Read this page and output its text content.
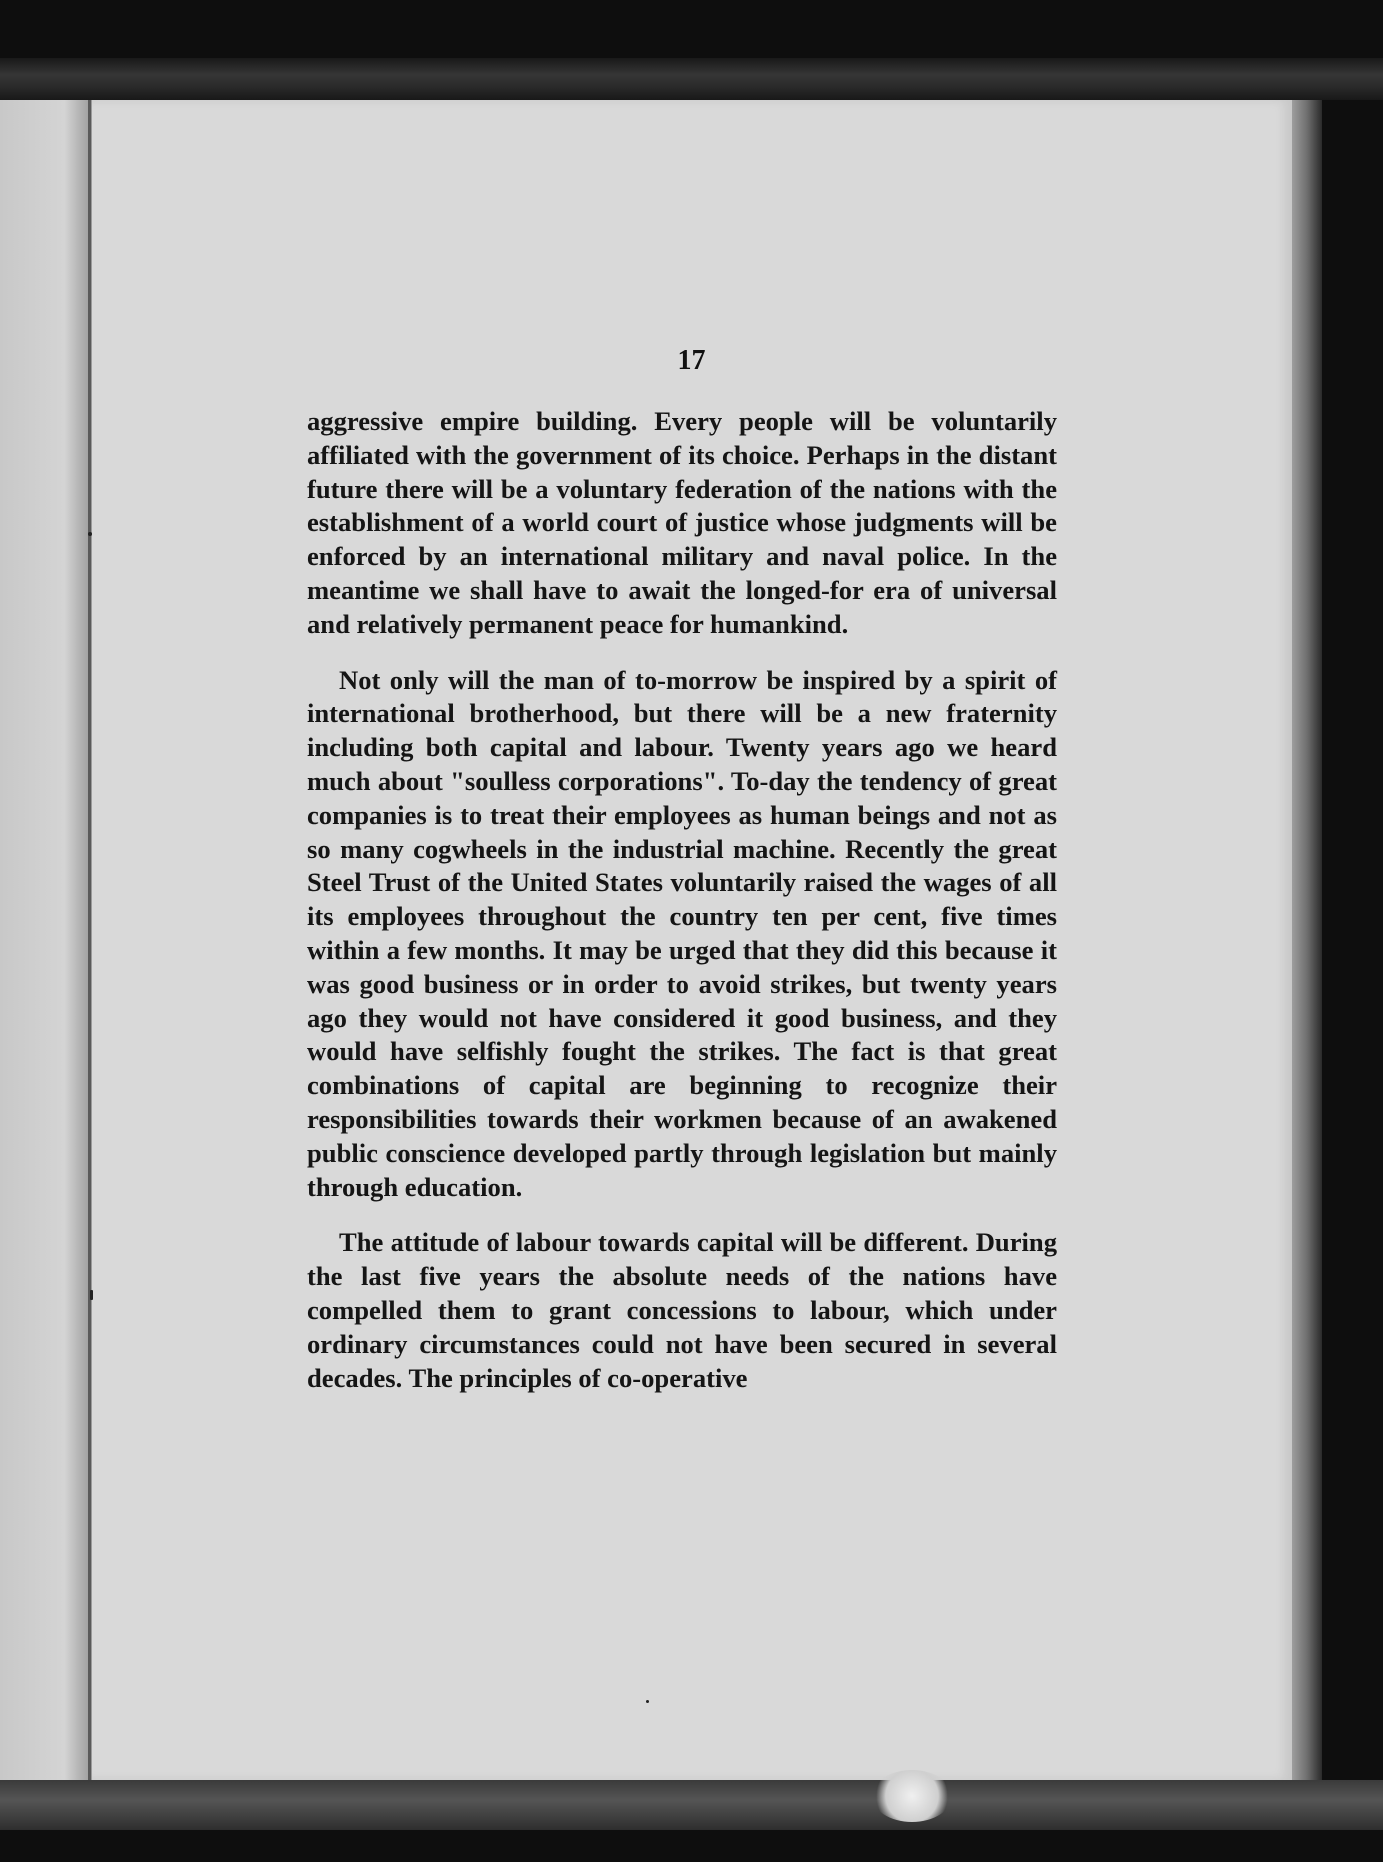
17

aggressive empire building. Every people will be voluntarily affiliated with the government of its choice. Perhaps in the distant future there will be a voluntary federation of the nations with the establishment of a world court of justice whose judgments will be enforced by an international military and naval police. In the meantime we shall have to await the longed-for era of universal and relatively permanent peace for humankind.

Not only will the man of to-morrow be inspired by a spirit of international brotherhood, but there will be a new fraternity including both capital and labour. Twenty years ago we heard much about "soulless corporations". To-day the tendency of great companies is to treat their employees as human beings and not as so many cogwheels in the industrial machine. Recently the great Steel Trust of the United States voluntarily raised the wages of all its employees throughout the country ten per cent, five times within a few months. It may be urged that they did this because it was good business or in order to avoid strikes, but twenty years ago they would not have considered it good business, and they would have selfishly fought the strikes. The fact is that great combinations of capital are beginning to recognize their responsibilities towards their workmen because of an awakened public conscience developed partly through legislation but mainly through education.

The attitude of labour towards capital will be different. During the last five years the absolute needs of the nations have compelled them to grant concessions to labour, which under ordinary circumstances could not have been secured in several decades. The principles of co-operative
